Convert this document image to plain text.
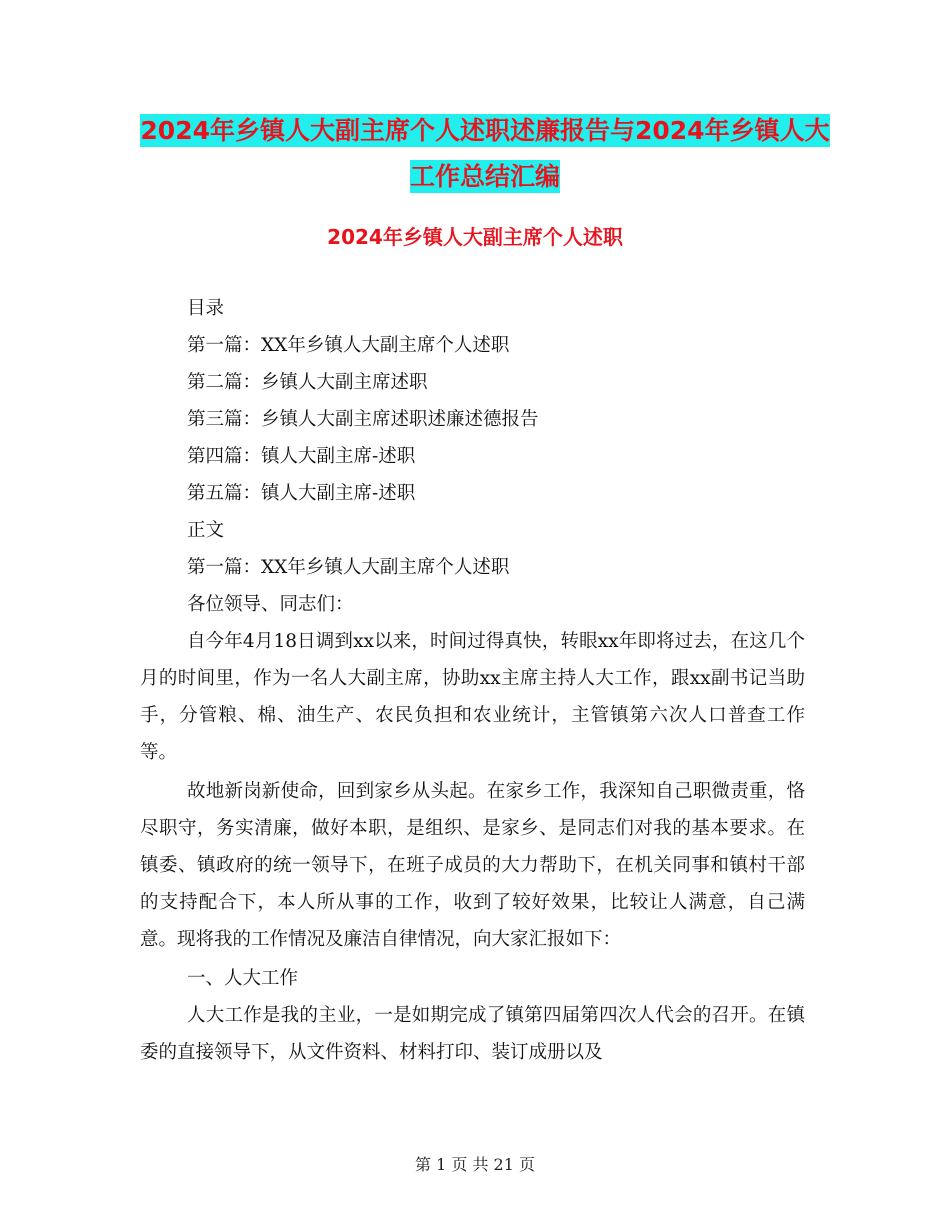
2024年乡镇人大副主席个人述职述廉报告与2024年乡镇人大工作总结汇编
2024年乡镇人大副主席个人述职
目录
第一篇：XX年乡镇人大副主席个人述职
第二篇：乡镇人大副主席述职
第三篇：乡镇人大副主席述职述廉述德报告
第四篇：镇人大副主席-述职
第五篇：镇人大副主席-述职
正文
第一篇：XX年乡镇人大副主席个人述职
各位领导、同志们：

自今年4月18日调到xx以来，时间过得真快，转眼xx年即将过去，在这几个月的时间里，作为一名人大副主席，协助xx主席主持人大工作，跟xx副书记当助手，分管粮、棉、油生产、农民负担和农业统计，主管镇第六次人口普查工作等。

故地新岗新使命，回到家乡从头起。在家乡工作，我深知自己职微责重，恪尽职守，务实清廉，做好本职，是组织、是家乡、是同志们对我的基本要求。在镇委、镇政府的统一领导下，在班子成员的大力帮助下，在机关同事和镇村干部的支持配合下，本人所从事的工作，收到了较好效果，比较让人满意，自己满意。现将我的工作情况及廉洁自律情况，向大家汇报如下：

一、人大工作

人大工作是我的主业，一是如期完成了镇第四届第四次人代会的召开。在镇委的直接领导下，从文件资料、材料打印、装订成册以及

第 1 页 共 21 页
